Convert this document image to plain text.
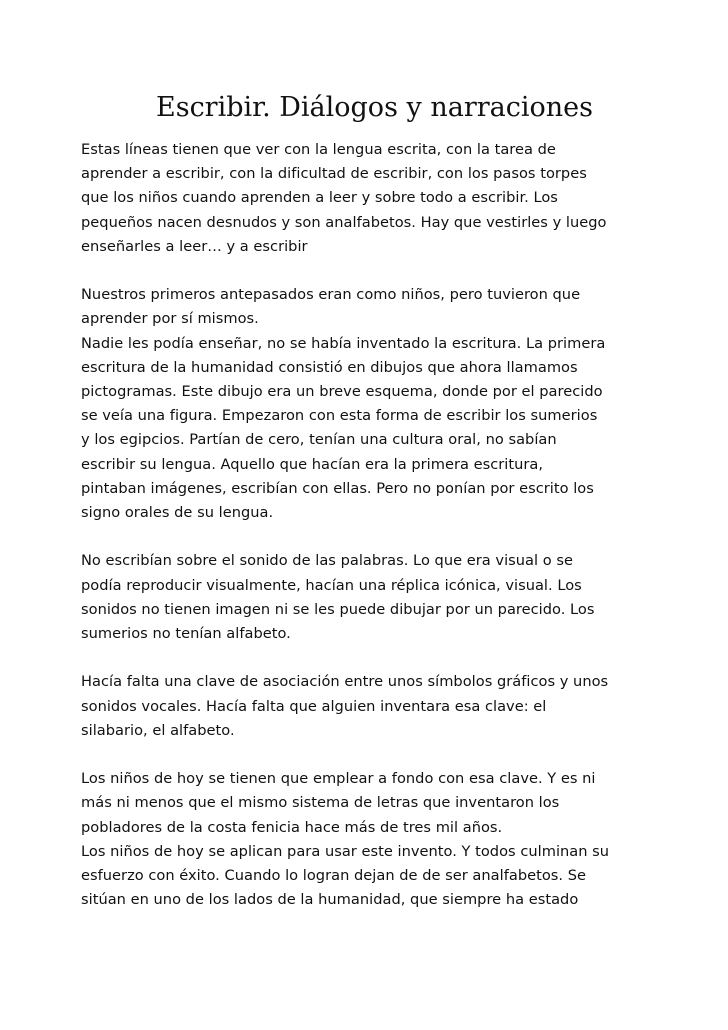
Escribir. Diálogos y narraciones

Estas líneas tienen que ver con la lengua escrita, con la tarea de
aprender a escribir, con la dificultad de escribir, con los pasos torpes
que los niños cuando aprenden a leer y sobre todo a escribir. Los
pequeños nacen desnudos y son analfabetos. Hay que vestirles y luego
enseñarles a leer… y a escribir

Nuestros primeros antepasados eran como niños, pero tuvieron que
aprender por sí mismos.
Nadie les podía enseñar, no se había inventado la escritura. La primera
escritura de la humanidad consistió en dibujos que ahora llamamos
pictogramas. Este dibujo era un breve esquema, donde por el parecido
se veía una figura. Empezaron con esta forma de escribir los sumerios
y los egipcios. Partían de cero, tenían una cultura oral, no sabían
escribir su lengua. Aquello que hacían era la primera escritura,
pintaban imágenes, escribían con ellas. Pero no ponían por escrito los
signo orales de su lengua.

No escribían sobre el sonido de las palabras. Lo que era visual o se
podía reproducir visualmente, hacían una réplica icónica, visual. Los
sonidos no tienen imagen ni se les puede dibujar por un parecido. Los
sumerios no tenían alfabeto.

Hacía falta una clave de asociación entre unos símbolos gráficos y unos
sonidos vocales. Hacía falta que alguien inventara esa clave: el
silabario, el alfabeto.

Los niños de hoy se tienen que emplear a fondo con esa clave. Y es ni
más ni menos que el mismo sistema de letras que inventaron los
pobladores de la costa fenicia hace más de tres mil años.
Los niños de hoy se aplican para usar este invento. Y todos culminan su
esfuerzo con éxito. Cuando lo logran dejan de de ser analfabetos. Se
sitúan en uno de los lados de la humanidad, que siempre ha estado
